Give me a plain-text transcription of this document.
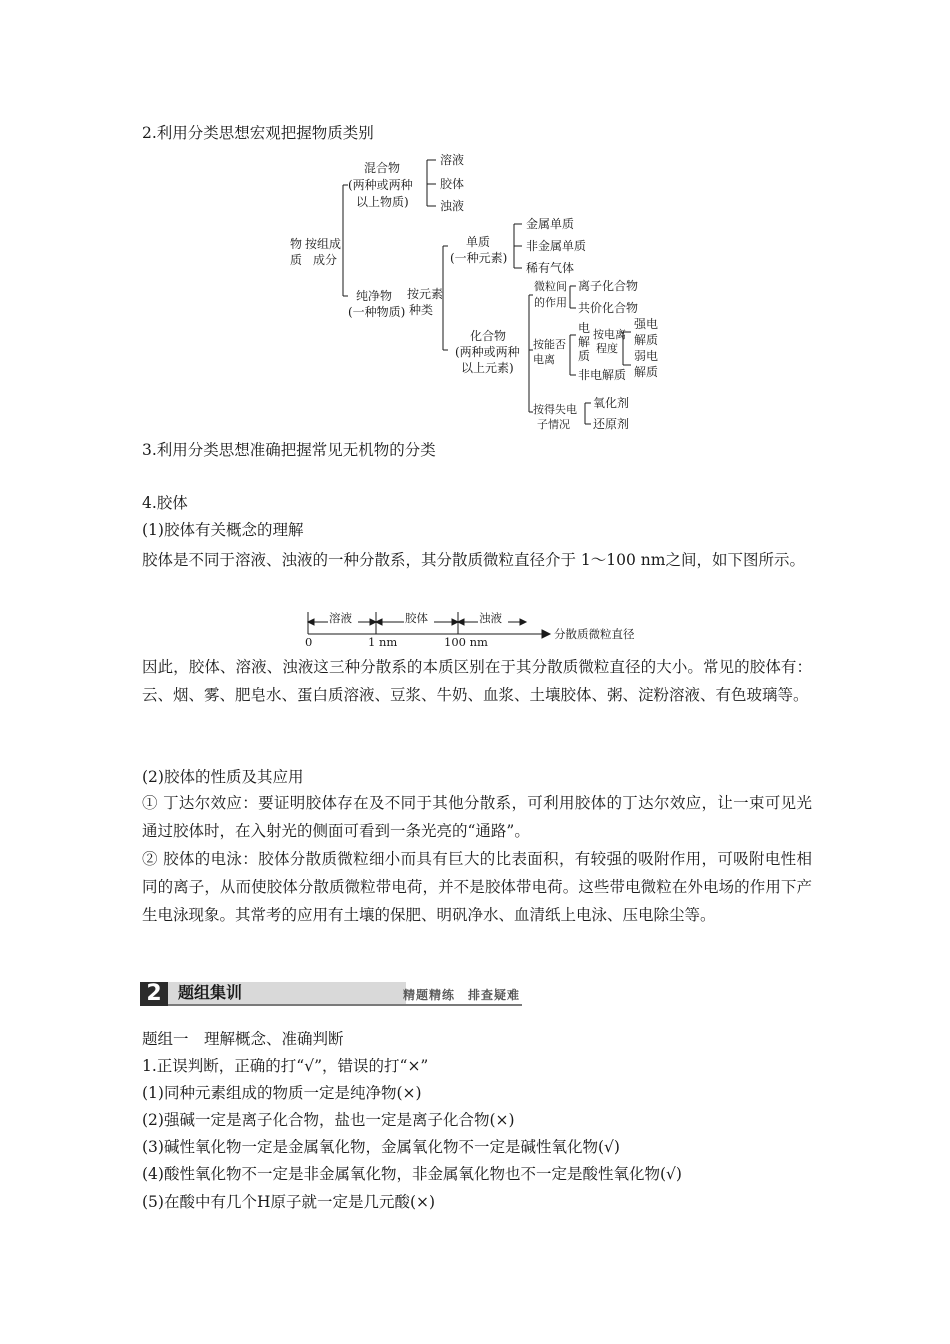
2.利用分类思想宏观把握物质类别

物
质
按组成
成分
混合物
(两种或两种
以上物质)
溶液
胶体
浊液
纯净物
(一种物质)
按元素
种类
单质
(一种元素)
金属单质
非金属单质
稀有气体
化合物
(两种或两种
以上元素)
微粒间
的作用
离子化合物
共价化合物
按能否
电离
电
解
质
按电离
程度
强电
解质
弱电
解质
非电解质
按得失电
子情况
氧化剂
还原剂

3.利用分类思想准确把握常见无机物的分类

4.胶体

(1)胶体有关概念的理解

胶体是不同于溶液、浊液的一种分散系，其分散质微粒直径介于 1～100 nm之间，如下图所示。

溶液	胶体	浊液
0	1 nm	100 nm
分散质微粒直径

因此，胶体、溶液、浊液这三种分散系的本质区别在于其分散质微粒直径的大小。常见的胶体有：云、烟、雾、肥皂水、蛋白质溶液、豆浆、牛奶、血浆、土壤胶体、粥、淀粉溶液、有色玻璃等。

(2)胶体的性质及其应用

① 丁达尔效应：要证明胶体存在及不同于其他分散系，可利用胶体的丁达尔效应，让一束可见光通过胶体时，在入射光的侧面可看到一条光亮的“通路”。

② 胶体的电泳：胶体分散质微粒细小而具有巨大的比表面积，有较强的吸附作用，可吸附电性相同的离子，从而使胶体分散质微粒带电荷，并不是胶体带电荷。这些带电微粒在外电场的作用下产生电泳现象。其常考的应用有土壤的保肥、明矾净水、血清纸上电泳、压电除尘等。

2	题组集训	精题精练　排查疑难

题组一　理解概念、准确判断

1.正误判断，正确的打“√”，错误的打“×”

(1)同种元素组成的物质一定是纯净物(×)

(2)强碱一定是离子化合物，盐也一定是离子化合物(×)

(3)碱性氧化物一定是金属氧化物，金属氧化物不一定是碱性氧化物(√)

(4)酸性氧化物不一定是非金属氧化物，非金属氧化物也不一定是酸性氧化物(√)

(5)在酸中有几个H原子就一定是几元酸(×)
